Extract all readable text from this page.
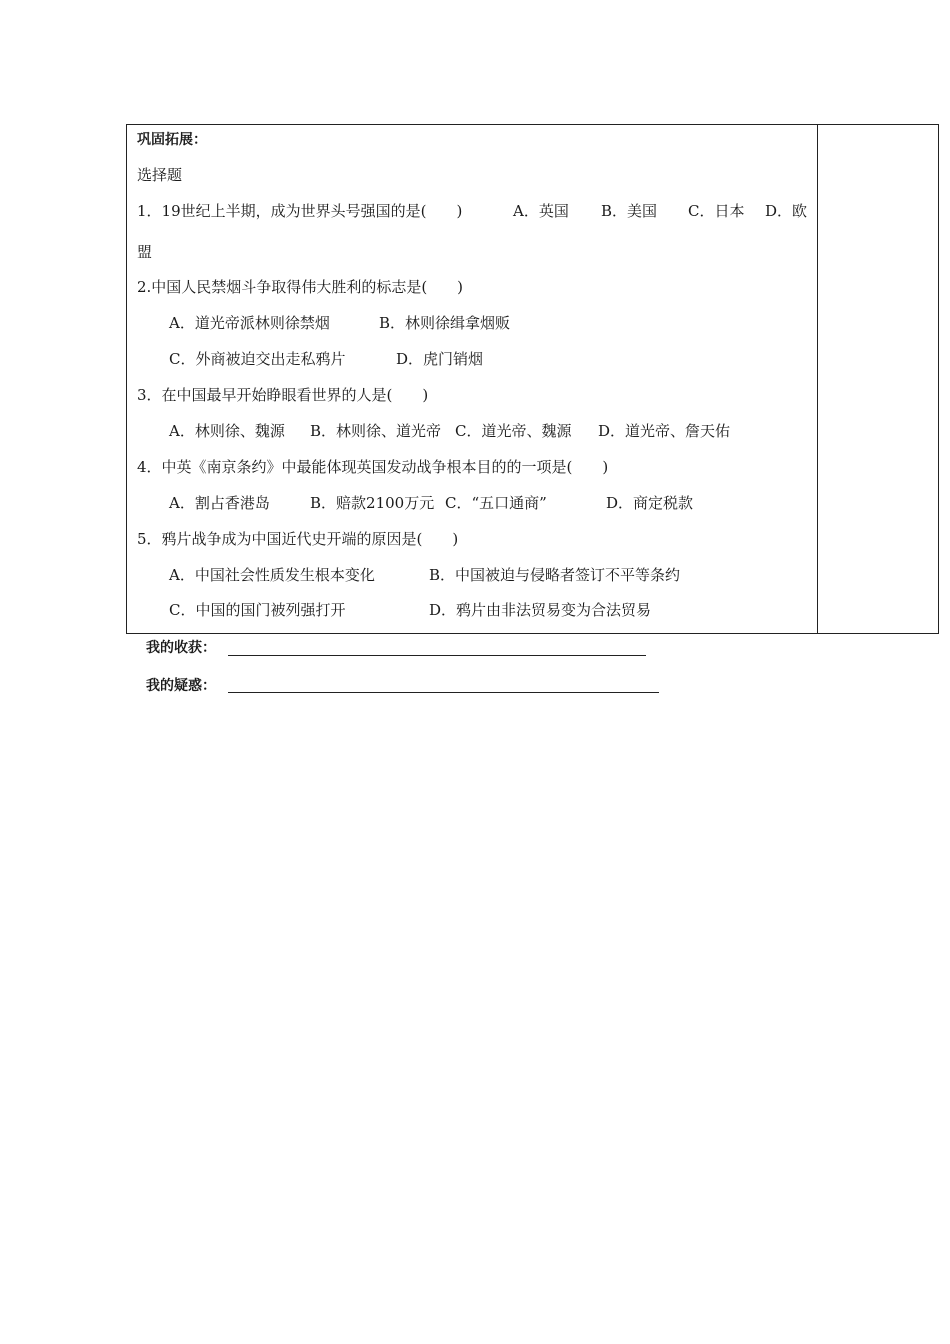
巩固拓展：
选择题
1．19世纪上半期，成为世界头号强国的是(　　)	A．英国 B．美国 C．日本 D．欧
盟
2.中国人民禁烟斗争取得伟大胜利的标志是(　　)
A．道光帝派林则徐禁烟	B．林则徐缉拿烟贩
C．外商被迫交出走私鸦片	D．虎门销烟
3．在中国最早开始睁眼看世界的人是(　　)
A．林则徐、魏源 B．林则徐、道光帝 C．道光帝、魏源 D．道光帝、詹天佑
4．中英《南京条约》中最能体现英国发动战争根本目的的一项是(　　)
A．割占香港岛	B．赔款2100万元 C．“五口通商”	D．商定税款
5．鸦片战争成为中国近代史开端的原因是(　　)
A．中国社会性质发生根本变化	B．中国被迫与侵略者签订不平等条约
C．中国的国门被列强打开	D．鸦片由非法贸易变为合法贸易
我的收获：
我的疑惑：
